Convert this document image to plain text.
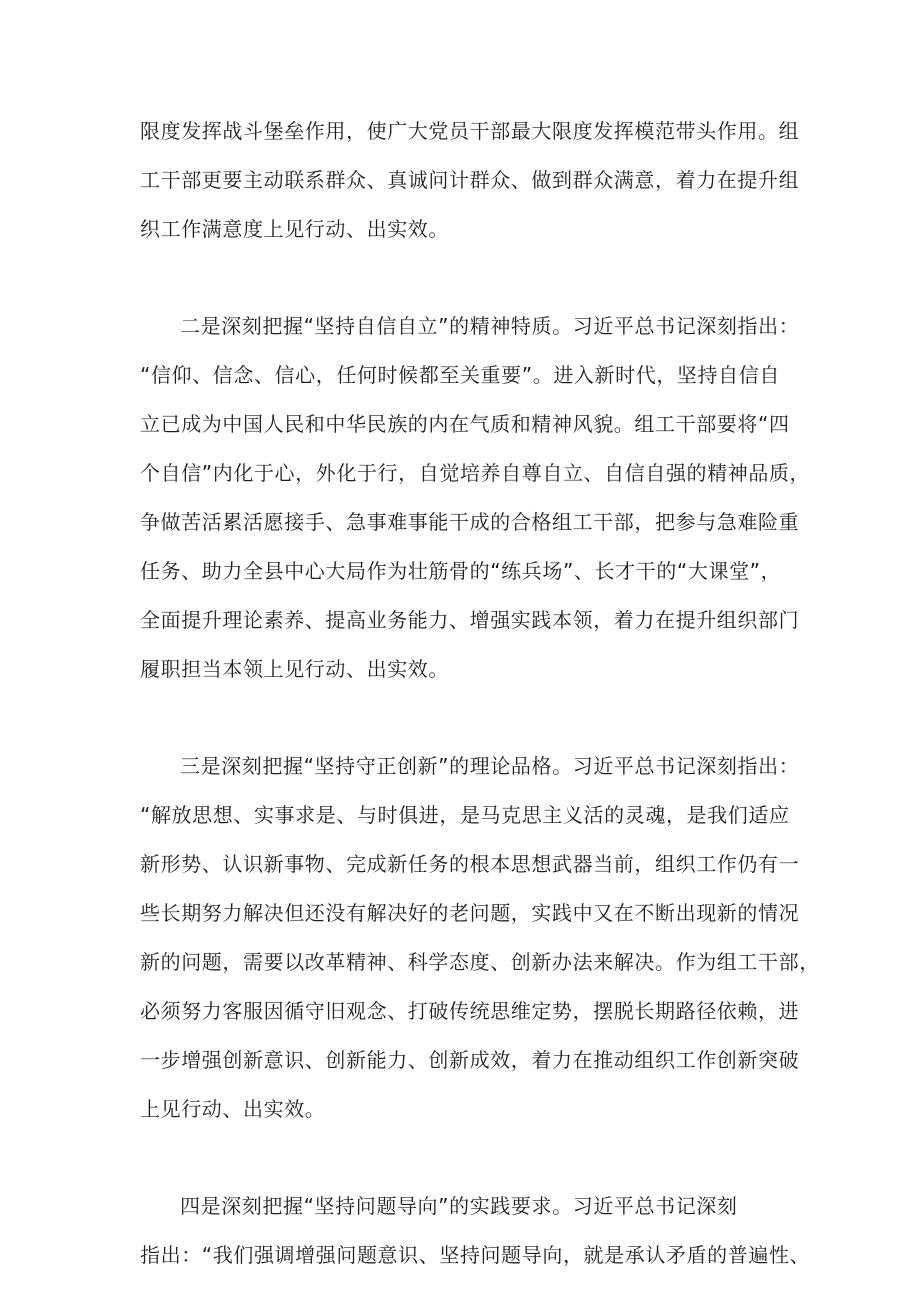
限度发挥战斗堡垒作用，使广大党员干部最大限度发挥模范带头作用。组
工干部更要主动联系群众、真诚问计群众、做到群众满意，着力在提升组
织工作满意度上见行动、出实效。
二是深刻把握“坚持自信自立”的精神特质。习近平总书记深刻指出：
“信仰、信念、信心，任何时候都至关重要”。进入新时代，坚持自信自
立已成为中国人民和中华民族的内在气质和精神风貌。组工干部要将“四
个自信”内化于心，外化于行，自觉培养自尊自立、自信自强的精神品质，
争做苦活累活愿接手、急事难事能干成的合格组工干部，把参与急难险重
任务、助力全县中心大局作为壮筋骨的“练兵场”、长才干的“大课堂”，
全面提升理论素养、提高业务能力、增强实践本领，着力在提升组织部门
履职担当本领上见行动、出实效。
三是深刻把握“坚持守正创新”的理论品格。习近平总书记深刻指出：
“解放思想、实事求是、与时俱进，是马克思主义活的灵魂，是我们适应
新形势、认识新事物、完成新任务的根本思想武器当前，组织工作仍有一
些长期努力解决但还没有解决好的老问题，实践中又在不断出现新的情况
新的问题，需要以改革精神、科学态度、创新办法来解决。作为组工干部，
必须努力客服因循守旧观念、打破传统思维定势，摆脱长期路径依赖，进
一步增强创新意识、创新能力、创新成效，着力在推动组织工作创新突破
上见行动、出实效。
四是深刻把握“坚持问题导向”的实践要求。习近平总书记深刻
指出：“我们强调增强问题意识、坚持问题导向，就是承认矛盾的普遍性、
